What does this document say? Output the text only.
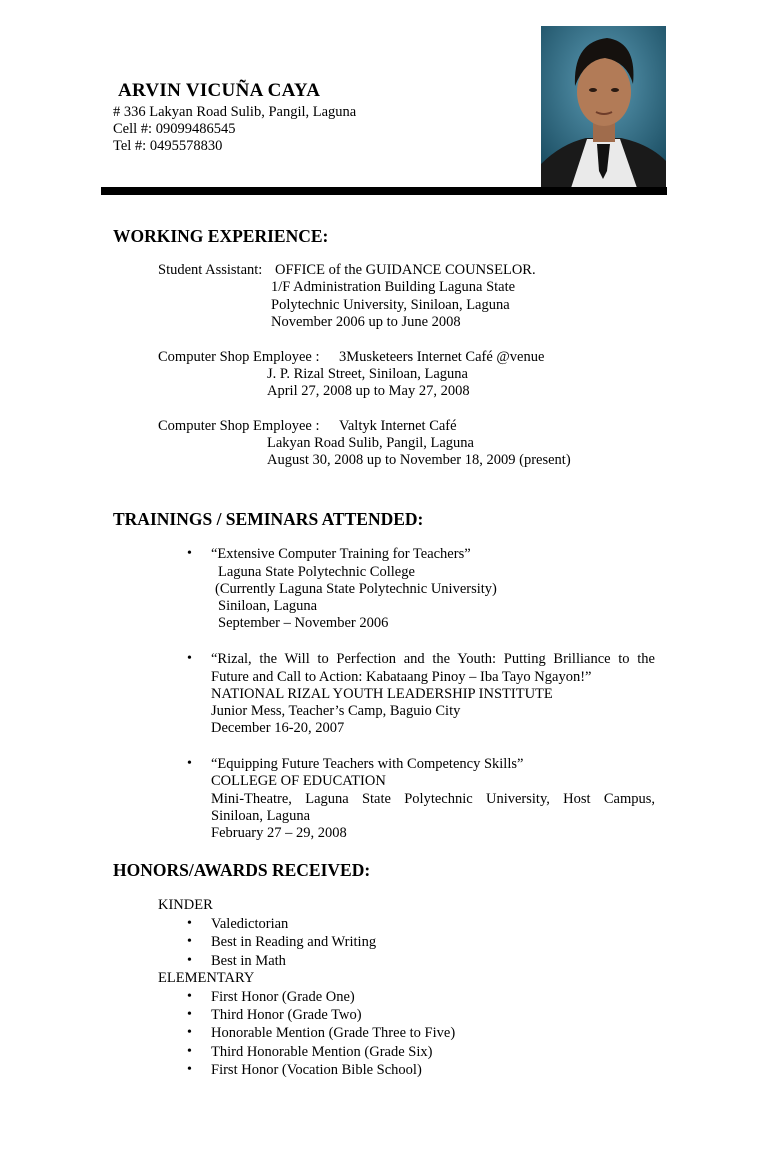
ARVIN VICUÑA CAYA
# 336 Lakyan Road Sulib, Pangil, Laguna
Cell #: 09099486545
Tel #: 0495578830
WORKING EXPERIENCE:
Student Assistant: OFFICE of the GUIDANCE COUNSELOR.
1/F Administration Building Laguna State
Polytechnic University, Siniloan, Laguna
November 2006 up to June 2008
Computer Shop Employee : 3Musketeers Internet Café @venue
J. P. Rizal Street, Siniloan, Laguna
April 27, 2008 up to May 27, 2008
Computer Shop Employee : Valtyk Internet Café
Lakyan Road Sulib, Pangil, Laguna
August 30, 2008 up to November 18, 2009 (present)
TRAININGS / SEMINARS ATTENDED:
• “Extensive Computer Training for Teachers”
Laguna State Polytechnic College
(Currently Laguna State Polytechnic University)
Siniloan, Laguna
September – November 2006
• “Rizal, the Will to Perfection and the Youth: Putting Brilliance to the
Future and Call to Action: Kabataang Pinoy – Iba Tayo Ngayon!”
NATIONAL RIZAL YOUTH LEADERSHIP INSTITUTE
Junior Mess, Teacher’s Camp, Baguio City
December 16-20, 2007
• “Equipping Future Teachers with Competency Skills”
COLLEGE OF EDUCATION
Mini-Theatre, Laguna State Polytechnic University, Host Campus,
Siniloan, Laguna
February 27 – 29, 2008
HONORS/AWARDS RECEIVED:
KINDER
• Valedictorian
• Best in Reading and Writing
• Best in Math
ELEMENTARY
• First Honor (Grade One)
• Third Honor (Grade Two)
• Honorable Mention (Grade Three to Five)
• Third Honorable Mention (Grade Six)
• First Honor (Vocation Bible School)
